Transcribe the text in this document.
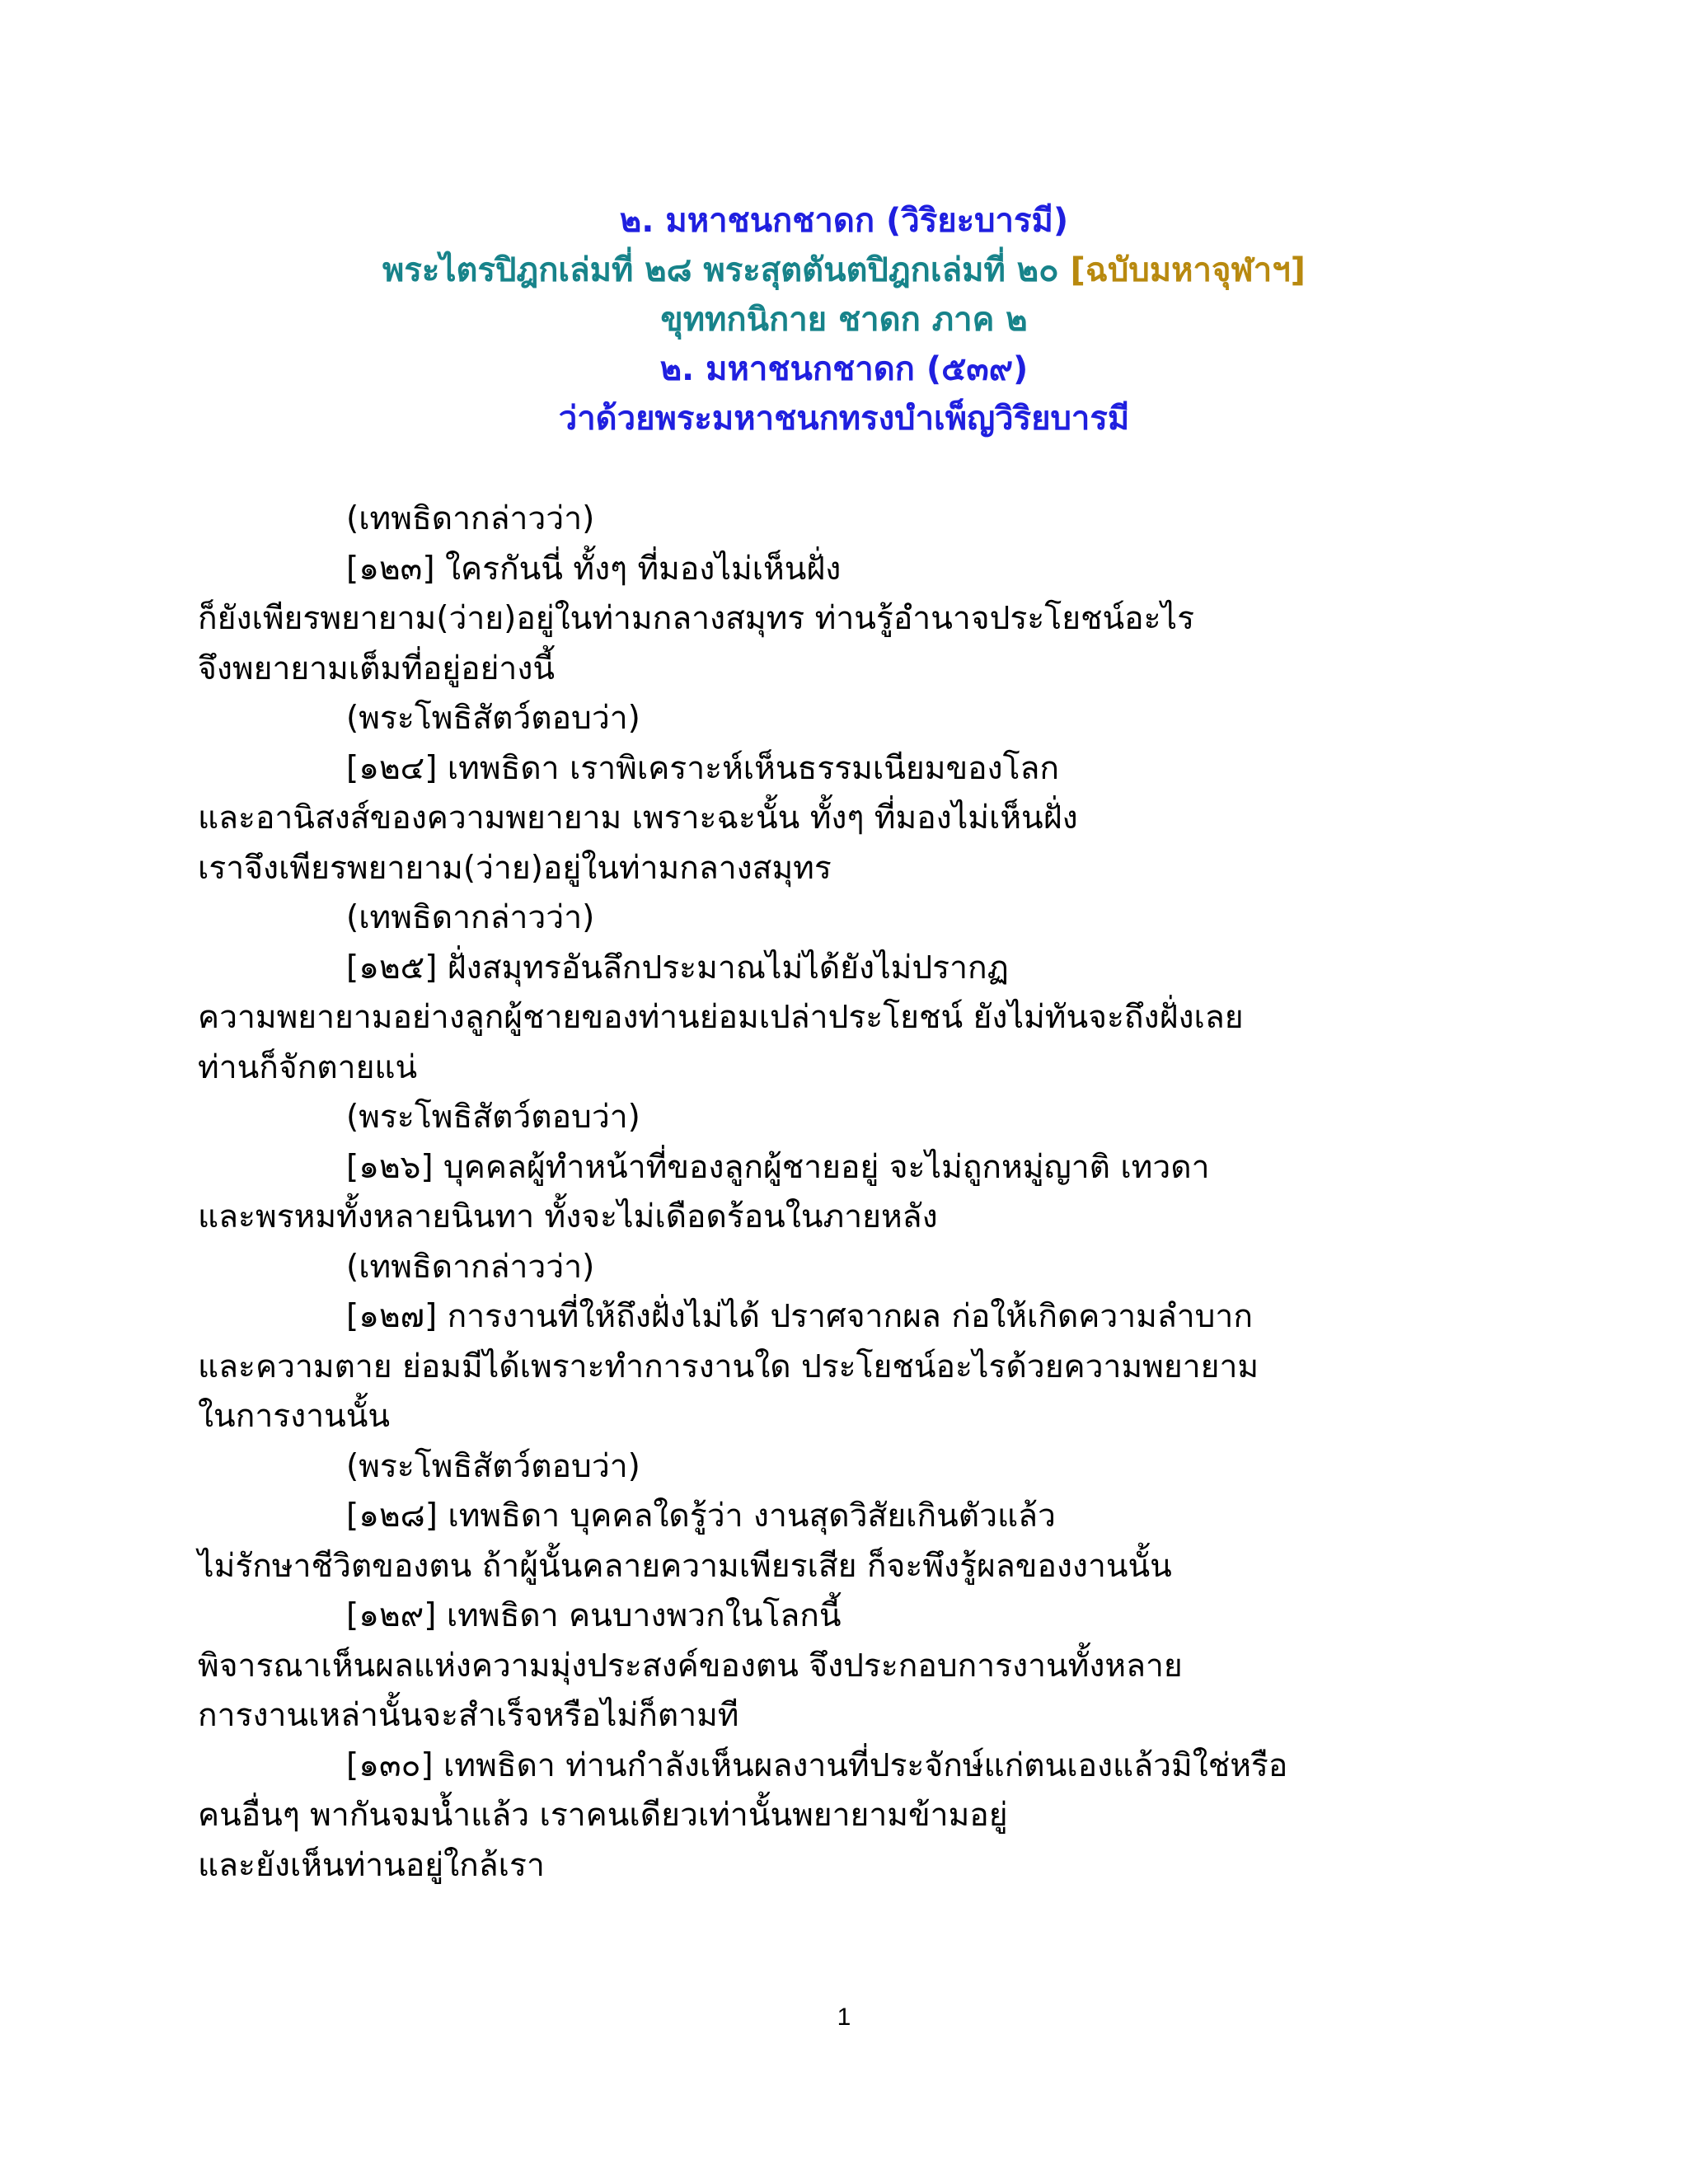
๒. มหาชนกชาดก (วิริยะบารมี)
พระไตรปิฎกเล่มที่ ๒๘ พระสุตตันตปิฎกเล่มที่ ๒๐ [ฉบับมหาจุฬาฯ]
ขุททกนิกาย ชาดก ภาค ๒
๒. มหาชนกชาดก (๕๓๙)
ว่าด้วยพระมหาชนกทรงบำเพ็ญวิริยบารมี

(เทพธิดากล่าวว่า)

[๑๒๓] ใครกันนี่ ทั้งๆ ที่มองไม่เห็นฝั่ง

ก็ยังเพียรพยายาม(ว่าย)อยู่ในท่ามกลางสมุทร ท่านรู้อำนาจประโยชน์อะไร

จึงพยายามเต็มที่อยู่อย่างนี้

(พระโพธิสัตว์ตอบว่า)

[๑๒๔] เทพธิดา เราพิเคราะห์เห็นธรรมเนียมของโลก

และอานิสงส์ของความพยายาม เพราะฉะนั้น ทั้งๆ ที่มองไม่เห็นฝั่ง

เราจึงเพียรพยายาม(ว่าย)อยู่ในท่ามกลางสมุทร

(เทพธิดากล่าวว่า)

[๑๒๕] ฝั่งสมุทรอันลึกประมาณไม่ได้ยังไม่ปรากฏ

ความพยายามอย่างลูกผู้ชายของท่านย่อมเปล่าประโยชน์ ยังไม่ทันจะถึงฝั่งเลย

ท่านก็จักตายแน่

(พระโพธิสัตว์ตอบว่า)

[๑๒๖] บุคคลผู้ทำหน้าที่ของลูกผู้ชายอยู่ จะไม่ถูกหมู่ญาติ เทวดา

และพรหมทั้งหลายนินทา ทั้งจะไม่เดือดร้อนในภายหลัง

(เทพธิดากล่าวว่า)

[๑๒๗] การงานที่ให้ถึงฝั่งไม่ได้ ปราศจากผล ก่อให้เกิดความลำบาก

และความตาย ย่อมมีได้เพราะทำการงานใด ประโยชน์อะไรด้วยความพยายาม

ในการงานนั้น

(พระโพธิสัตว์ตอบว่า)

[๑๒๘] เทพธิดา บุคคลใดรู้ว่า งานสุดวิสัยเกินตัวแล้ว

ไม่รักษาชีวิตของตน ถ้าผู้นั้นคลายความเพียรเสีย ก็จะพึงรู้ผลของงานนั้น

[๑๒๙] เทพธิดา คนบางพวกในโลกนี้

พิจารณาเห็นผลแห่งความมุ่งประสงค์ของตน จึงประกอบการงานทั้งหลาย

การงานเหล่านั้นจะสำเร็จหรือไม่ก็ตามที

[๑๓๐] เทพธิดา ท่านกำลังเห็นผลงานที่ประจักษ์แก่ตนเองแล้วมิใช่หรือ

คนอื่นๆ พากันจมน้ำแล้ว เราคนเดียวเท่านั้นพยายามข้ามอยู่

และยังเห็นท่านอยู่ใกล้เรา

1
